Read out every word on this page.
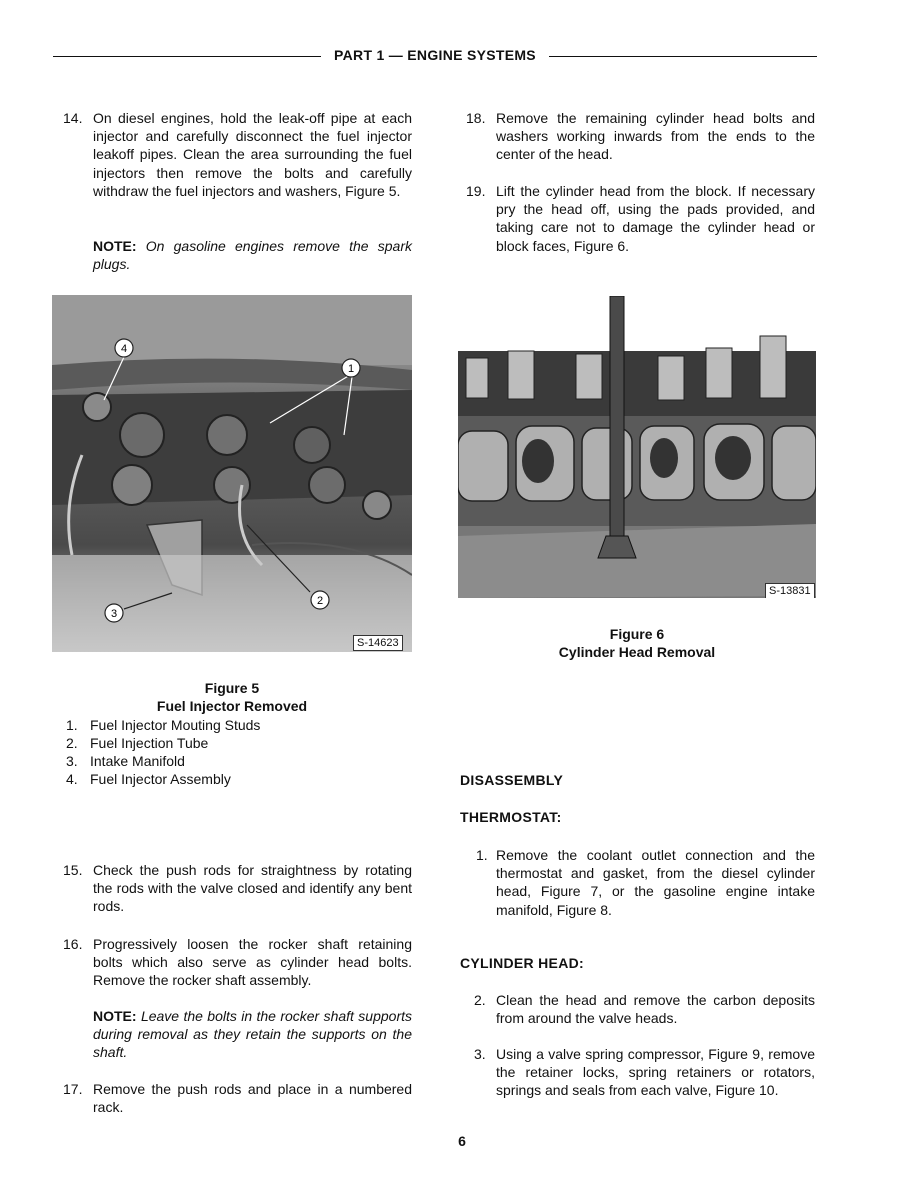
PART 1 — ENGINE SYSTEMS
14. On diesel engines, hold the leak-off pipe at each injector and carefully disconnect the fuel injector leakoff pipes. Clean the area surrounding the fuel injectors then remove the bolts and carefully withdraw the fuel injectors and washers, Figure 5.
NOTE: On gasoline engines remove the spark plugs.
4
1
2
3
S-14623
Figure 5
Fuel Injector Removed
1. Fuel Injector Mouting Studs
2. Fuel Injection Tube
3. Intake Manifold
4. Fuel Injector Assembly
15. Check the push rods for straightness by rotating the rods with the valve closed and identify any bent rods.
16. Progressively loosen the rocker shaft retaining bolts which also serve as cylinder head bolts. Remove the rocker shaft assembly.
NOTE: Leave the bolts in the rocker shaft supports during removal as they retain the supports on the shaft.
17. Remove the push rods and place in a numbered rack.
18. Remove the remaining cylinder head bolts and washers working inwards from the ends to the center of the head.
19. Lift the cylinder head from the block. If necessary pry the head off, using the pads provided, and taking care not to damage the cylinder head or block faces, Figure 6.
S-13831
Figure 6
Cylinder Head Removal
DISASSEMBLY
THERMOSTAT:
1. Remove the coolant outlet connection and the thermostat and gasket, from the diesel cylinder head, Figure 7, or the gasoline engine intake manifold, Figure 8.
CYLINDER HEAD:
2. Clean the head and remove the carbon deposits from around the valve heads.
3. Using a valve spring compressor, Figure 9, remove the retainer locks, spring retainers or rotators, springs and seals from each valve, Figure 10.
6
